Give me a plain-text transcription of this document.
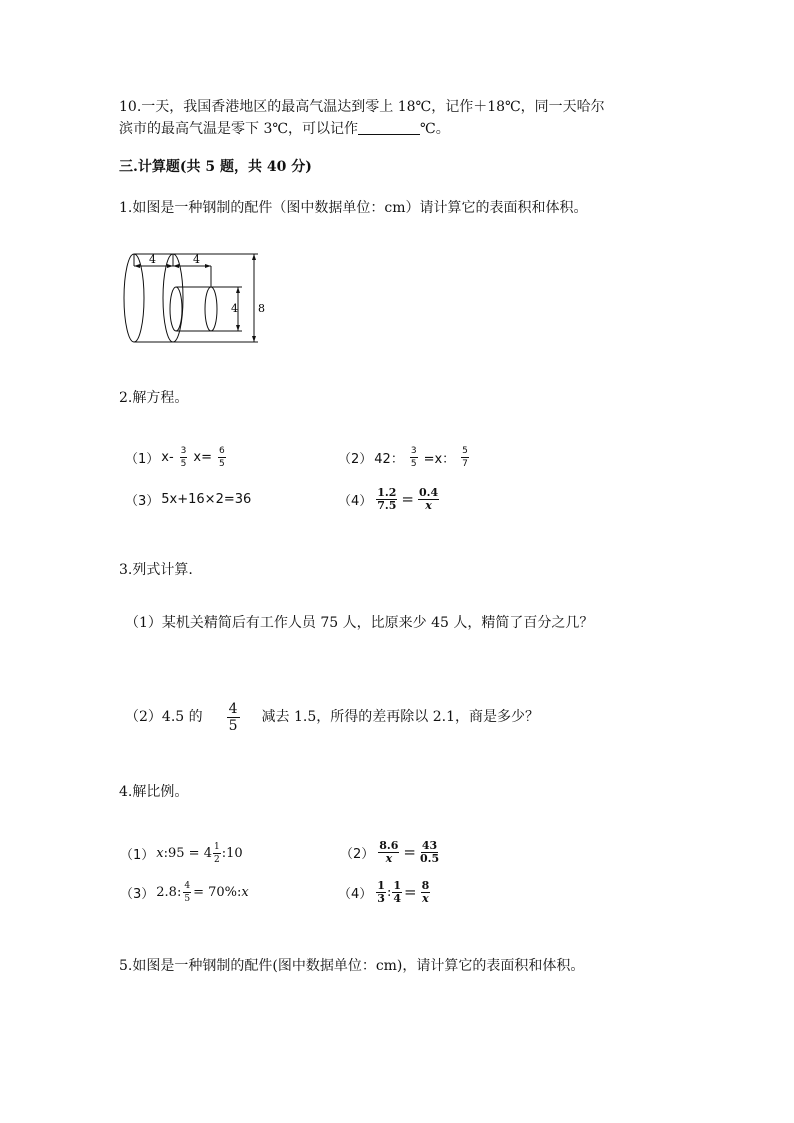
10.一天，我国香港地区的最高气温达到零上 18℃，记作＋18℃，同一天哈尔
滨市的最高气温是零下 3℃，可以记作	℃。
三.计算题(共 5 题，共 40 分)
1.如图是一种钢制的配件（图中数据单位：cm）请计算它的表面积和体积。
4	4
4 8
2.解方程。
（1） $x- \frac{3}{5} x= \frac{6}{5}$	（2） 42： $\frac{3}{5} =x$： $\frac{5}{7}$
（3） 5x+16×2=36	$(4) \frac{1.2}{7.5} = \frac{0.4}{x}$
3.列式计算.
（1）某机关精简后有工作人员 75 人，比原来少 45 人，精简了百分之几？
（2）4.5 的 $\frac{4}{5}$ 减去 1.5，所得的差再除以 2.1，商是多少？
4.解比例。
（1） x :95 = $4 \frac{1}{2}$ :10	$(2) \frac{8.6}{x} = \frac{43}{0.5}$
（3） 2.8: $\frac{4}{5} = 70\%$: x	$(4) \frac{1}{3}$ : $\frac{1}{4} = \frac{8}{x}$
5.如图是一种钢制的配件(图中数据单位：cm)，请计算它的表面积和体积。
